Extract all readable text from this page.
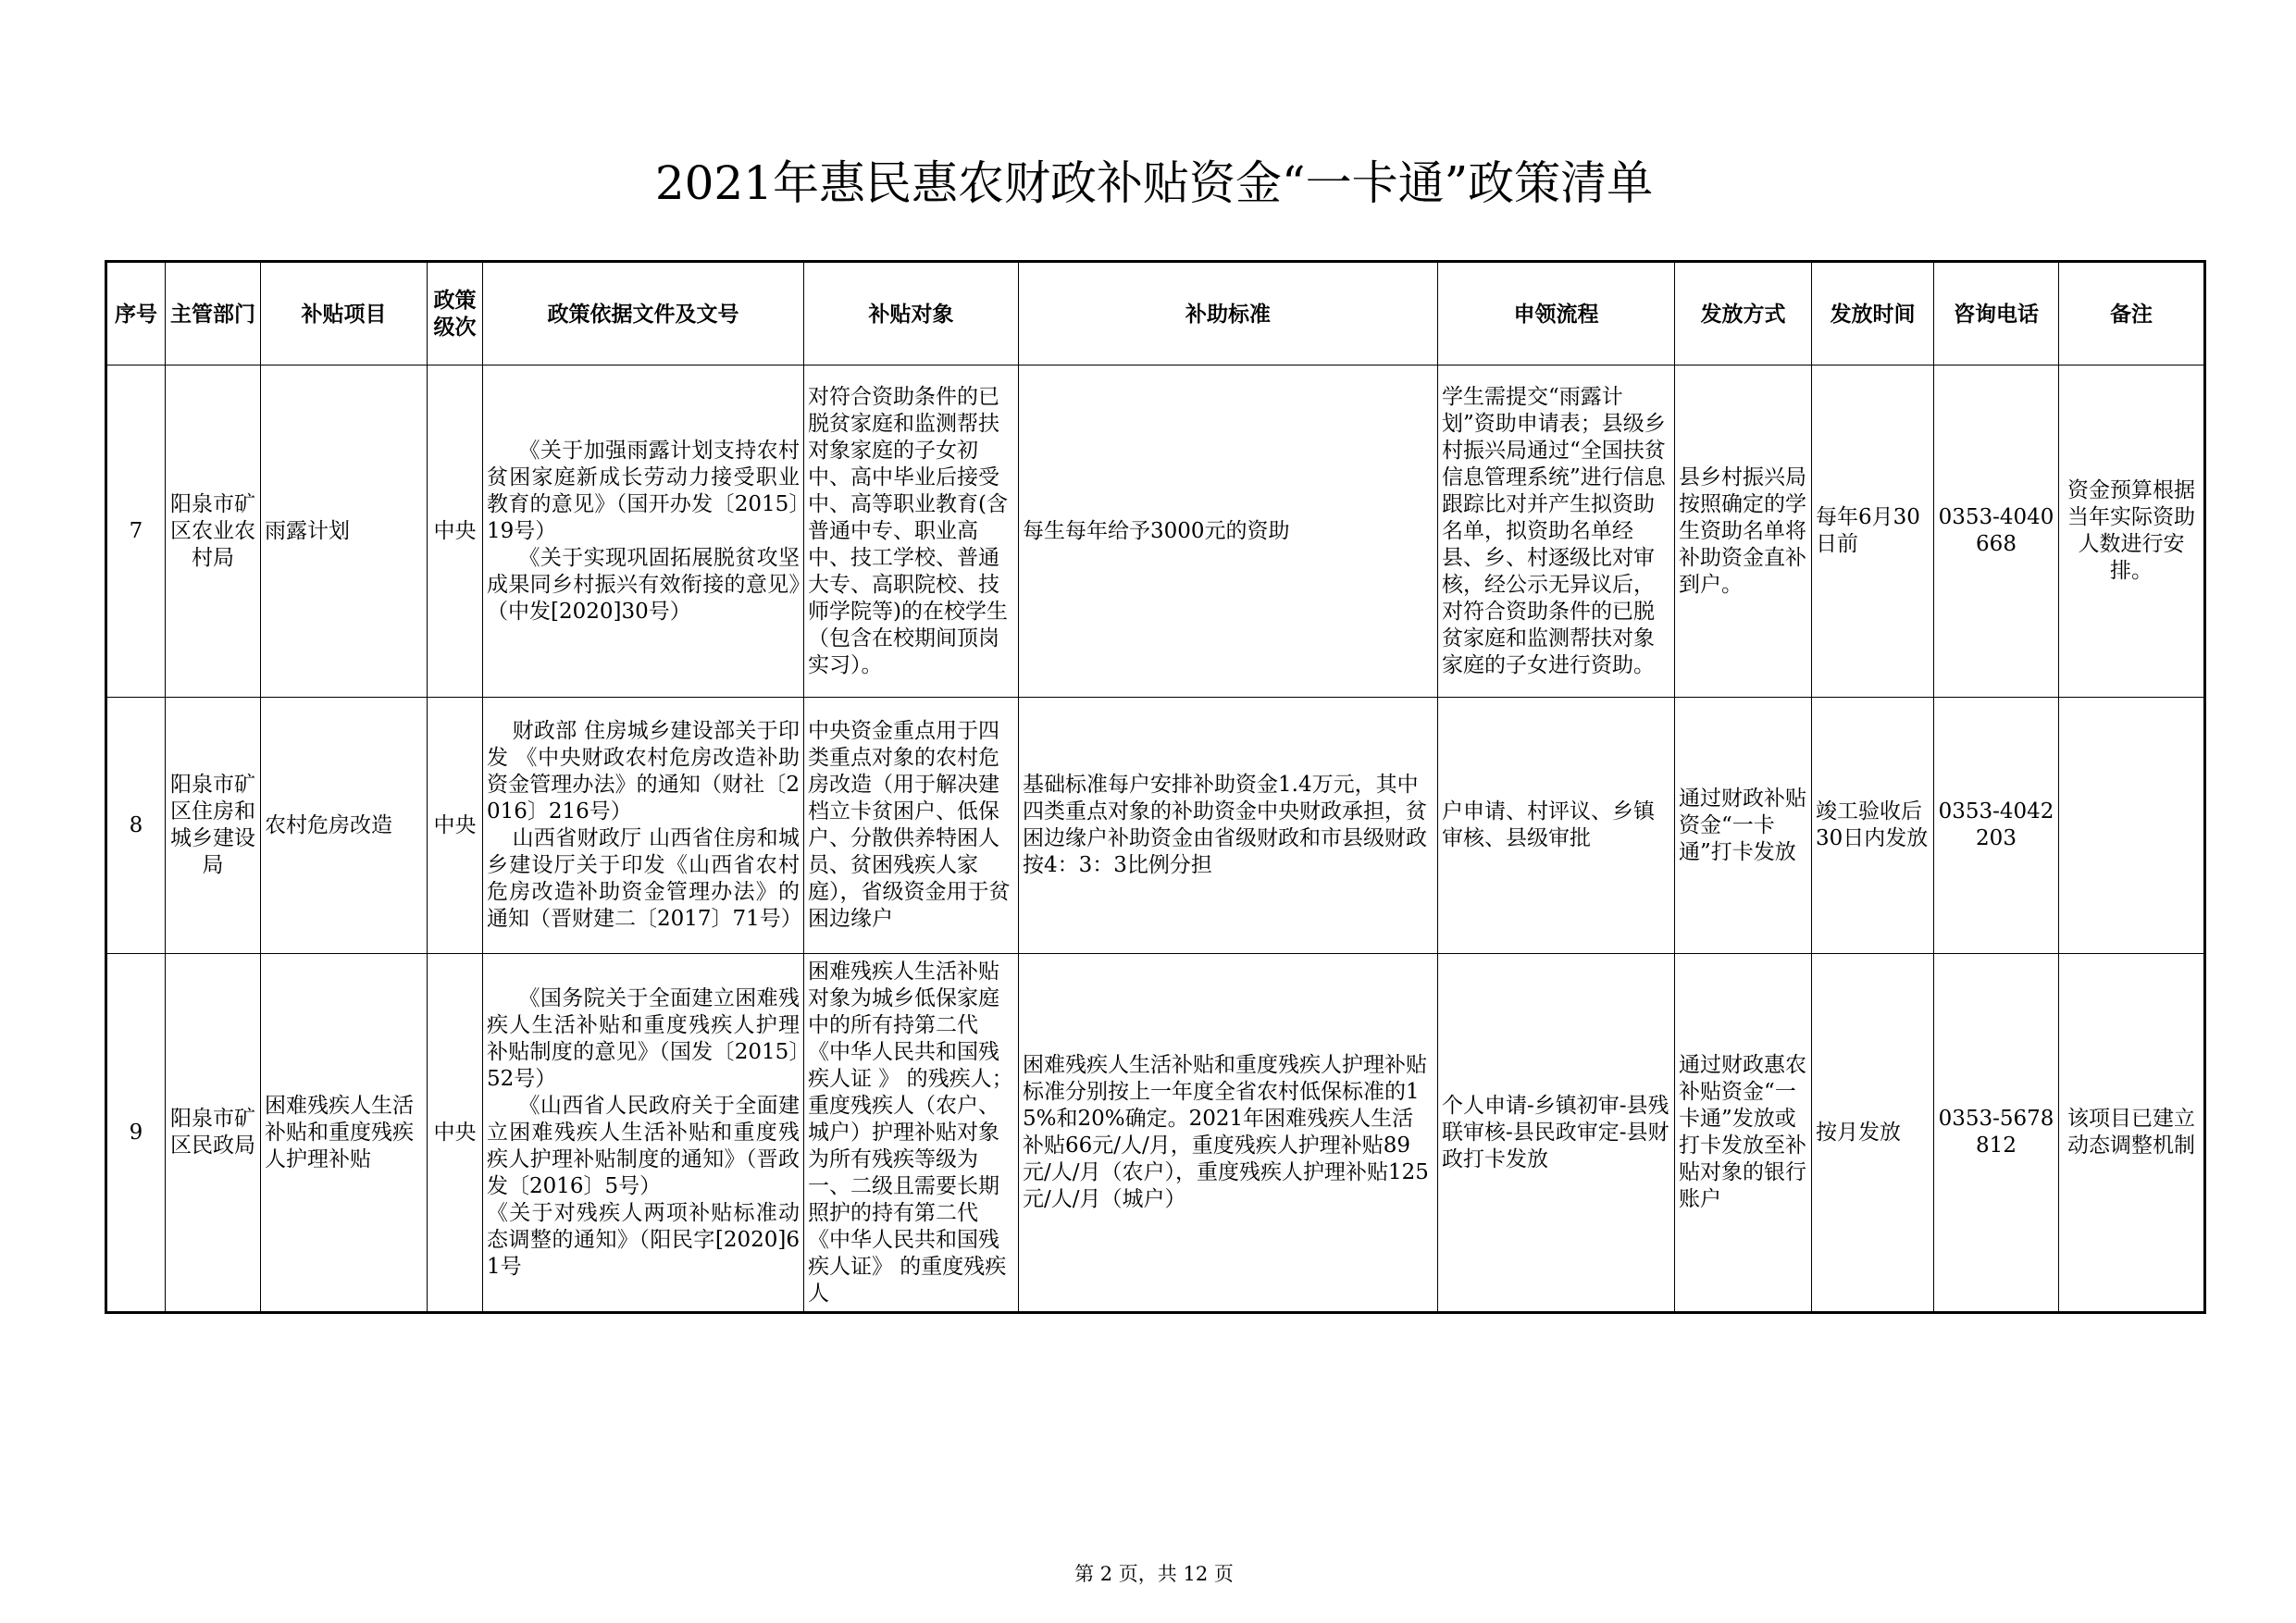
2021年惠民惠农财政补贴资金“一卡通”政策清单
序号	主管部门	补贴项目	政策级次	政策依据文件及文号	补贴对象	补助标准	申领流程	发放方式	发放时间	咨询电话	备注
7	阳泉市矿区农业农村局	雨露计划	中央	《关于加强雨露计划支持农村贫困家庭新成长劳动力接受职业教育的意见》（国开办发〔2015〕19号）

《关于实现巩固拓展脱贫攻坚成果同乡村振兴有效衔接的意见》（中发[2020]30号）	对符合资助条件的已脱贫家庭和监测帮扶对象家庭的子女初中、高中毕业后接受中、高等职业教育(含普通中专、职业高中、技工学校、普通大专、高职院校、技师学院等)的在校学生（包含在校期间顶岗实习）。	每生每年给予3000元的资助	学生需提交“雨露计划”资助申请表；县级乡村振兴局通过“全国扶贫信息管理系统”进行信息跟踪比对并产生拟资助名单，拟资助名单经县、乡、村逐级比对审核，经公示无异议后，对符合资助条件的已脱贫家庭和监测帮扶对象家庭的子女进行资助。	县乡村振兴局按照确定的学生资助名单将补助资金直补到户。	每年6月30日前	0353-4040668	资金预算根据当年实际资助人数进行安排。
8	阳泉市矿区住房和城乡建设局	农村危房改造	中央	财政部 住房城乡建设部关于印发 《中央财政农村危房改造补助资金管理办法》的通知（财社〔2016〕216号）

山西省财政厅 山西省住房和城乡建设厅关于印发《山西省农村危房改造补助资金管理办法》的通知（晋财建二〔2017〕71号）	中央资金重点用于四类重点对象的农村危房改造（用于解决建档立卡贫困户、低保户、分散供养特困人员、贫困残疾人家庭），省级资金用于贫困边缘户	基础标准每户安排补助资金1.4万元，其中四类重点对象的补助资金中央财政承担，贫困边缘户补助资金由省级财政和市县级财政按4：3：3比例分担	户申请、村评议、乡镇审核、县级审批	通过财政补贴资金“一卡通”打卡发放	竣工验收后30日内发放	0353-4042203	
9	阳泉市矿区民政局	困难残疾人生活补贴和重度残疾人护理补贴	中央	《国务院关于全面建立困难残疾人生活补贴和重度残疾人护理补贴制度的意见》（国发〔2015〕52号）

《山西省人民政府关于全面建立困难残疾人生活补贴和重度残疾人护理补贴制度的通知》（晋政发〔2016〕5号）

《关于对残疾人两项补贴标准动态调整的通知》（阳民字[2020]61号	困难残疾人生活补贴对象为城乡低保家庭中的所有持第二代 《中华人民共和国残疾人证 》 的残疾人；重度残疾人（农户、城户）护理补贴对象为所有残疾等级为一、二级且需要长期照护的持有第二代 《中华人民共和国残疾人证》 的重度残疾人	困难残疾人生活补贴和重度残疾人护理补贴标准分别按上一年度全省农村低保标准的15%和20%确定。2021年困难残疾人生活补贴66元/人/月，重度残疾人护理补贴89元/人/月（农户），重度残疾人护理补贴125元/人/月（城户）	个人申请-乡镇初审-县残联审核-县民政审定-县财政打卡发放	通过财政惠农补贴资金“一卡通”发放或打卡发放至补贴对象的银行账户	按月发放	0353-5678812	该项目已建立动态调整机制
第 2 页，共 12 页
